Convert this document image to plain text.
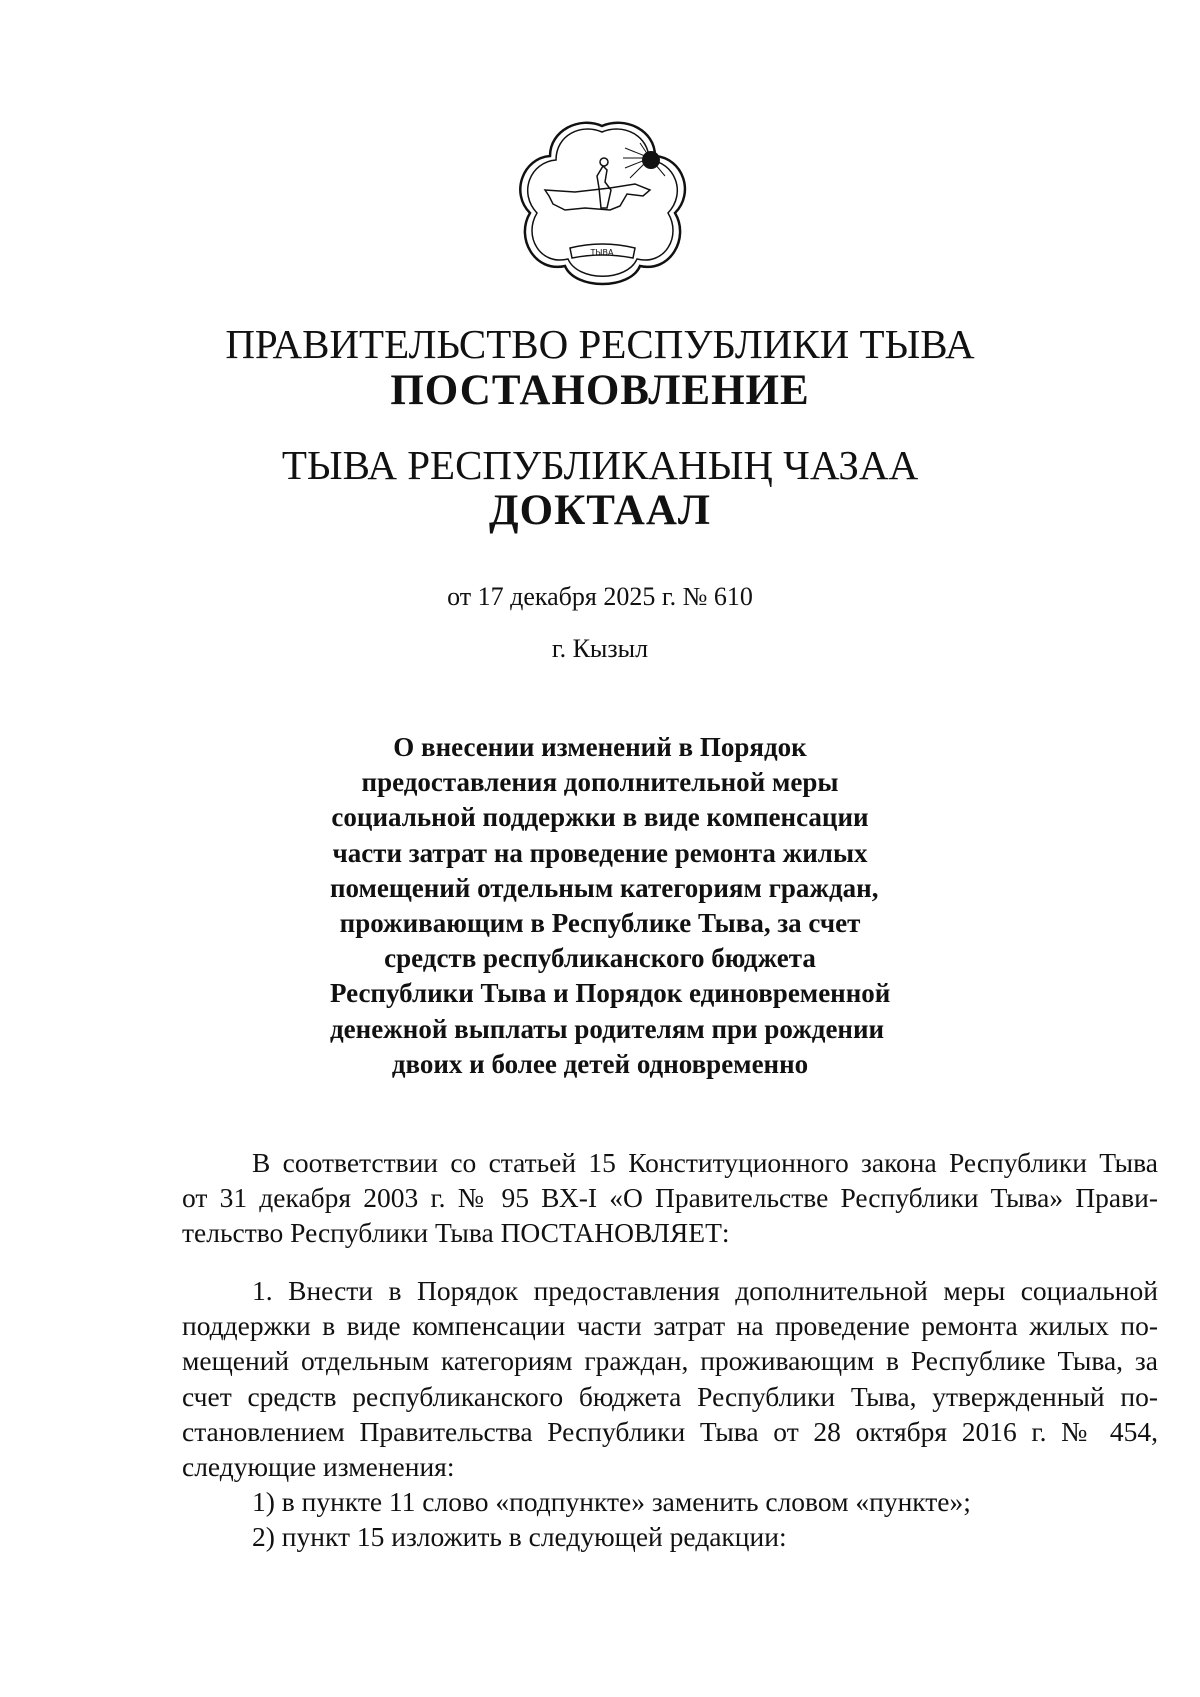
ТЫВА
ПРАВИТЕЛЬСТВО РЕСПУБЛИКИ ТЫВА
ПОСТАНОВЛЕНИЕ
ТЫВА РЕСПУБЛИКАНЫҢ ЧАЗАА
ДОКТААЛ
от 17 декабря 2025 г. № 610
г. Кызыл
О внесении изменений в Порядок
предоставления дополнительной меры
социальной поддержки в виде компенсации
части затрат на проведение ремонта жилых
помещений отдельным категориям граждан,
проживающим в Республике Тыва, за счет
средств республиканского бюджета
Республики Тыва и Порядок единовременной
денежной выплаты родителям при рождении
двоих и более детей одновременно
В соответствии со статьей 15 Конституционного закона Республики Тыва
от 31 декабря 2003 г. № 95 ВХ-I «О Правительстве Республики Тыва» Прави-
тельство Республики Тыва ПОСТАНОВЛЯЕТ:
1. Внести в Порядок предоставления дополнительной меры социальной
поддержки в виде компенсации части затрат на проведение ремонта жилых по-
мещений отдельным категориям граждан, проживающим в Республике Тыва, за
счет средств республиканского бюджета Республики Тыва, утвержденный по-
становлением Правительства Республики Тыва от 28 октября 2016 г. № 454,
следующие изменения:
1) в пункте 11 слово «подпункте» заменить словом «пункте»;
2) пункт 15 изложить в следующей редакции:
